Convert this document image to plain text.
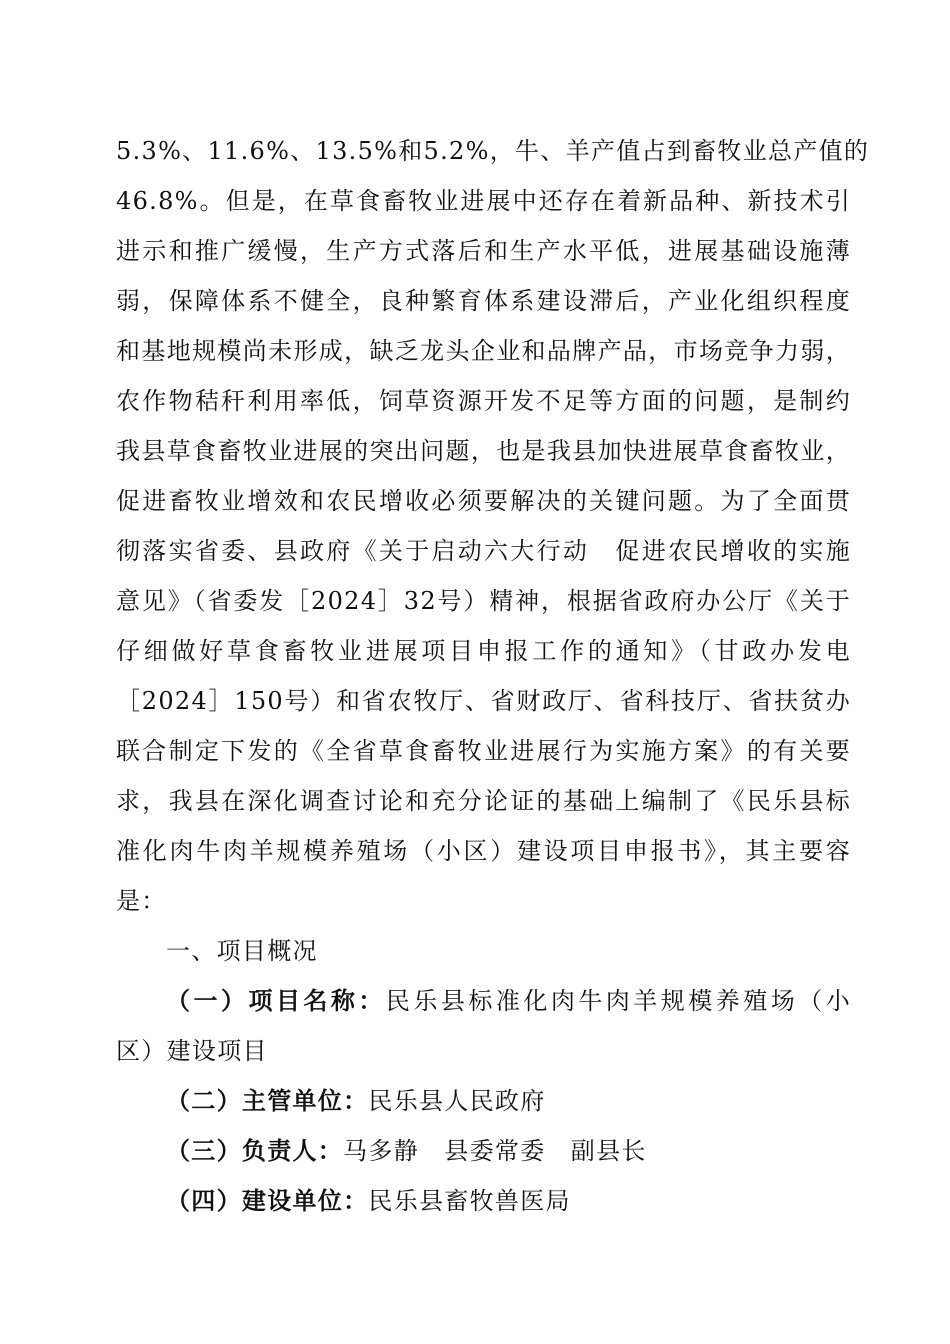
5.3%、11.6%、13.5%和5.2%，牛、羊产值占到畜牧业总产值的
46.8%。但是，在草食畜牧业进展中还存在着新品种、新技术引
进示和推广缓慢，生产方式落后和生产水平低，进展基础设施薄
弱，保障体系不健全，良种繁育体系建设滞后，产业化组织程度
和基地规模尚未形成，缺乏龙头企业和品牌产品，市场竞争力弱，
农作物秸秆利用率低，饲草资源开发不足等方面的问题，是制约
我县草食畜牧业进展的突出问题，也是我县加快进展草食畜牧业，
促进畜牧业增效和农民增收必须要解决的关键问题。为了全面贯
彻落实省委、县政府《关于启动六大行动　促进农民增收的实施
意见》（省委发［2024］32号）精神，根据省政府办公厅《关于
仔细做好草食畜牧业进展项目申报工作的通知》（甘政办发电
［2024］150号）和省农牧厅、省财政厅、省科技厅、省扶贫办
联合制定下发的《全省草食畜牧业进展行为实施方案》的有关要
求，我县在深化调查讨论和充分论证的基础上编制了《民乐县标
准化肉牛肉羊规模养殖场（小区）建设项目申报书》，其主要容
是：
一、项目概况
（一）项目名称：民乐县标准化肉牛肉羊规模养殖场（小
区）建设项目
（二）主管单位：民乐县人民政府
（三）负责人：马多静　县委常委　副县长
（四）建设单位：民乐县畜牧兽医局
